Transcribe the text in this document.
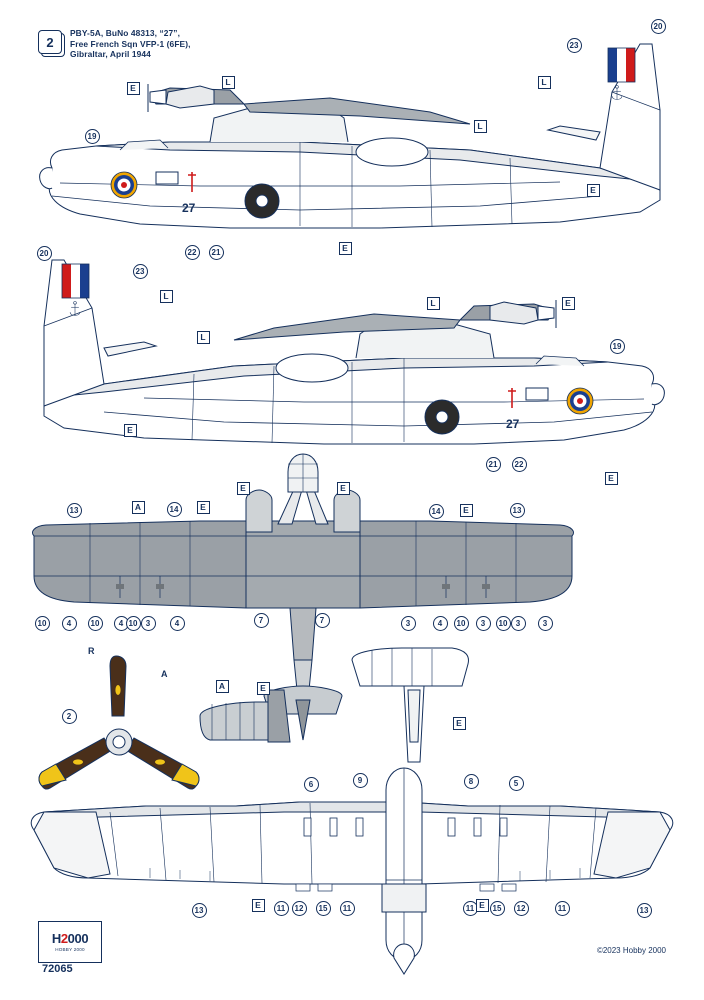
2
PBY-5A, BuNo 48313, “27”,
Free French Sqn VFP-1 (6FE),
Gibraltar, April 1944
27
27
19
23
20
21
22
E
L	L
L
E
E
20
23
19
21	22
L
L
L	E
E
E
13	14	14	13
10	4	10	4 10	3	4	7	7	3	4	10	3	10	3	3
A	E
E	E
E
6	9	8	5
13	11	12	15	11	11	15	12	11	13
E
E	E
A	E
R
A
2
H2000
HOBBY 2000
72065
©2023 Hobby 2000
